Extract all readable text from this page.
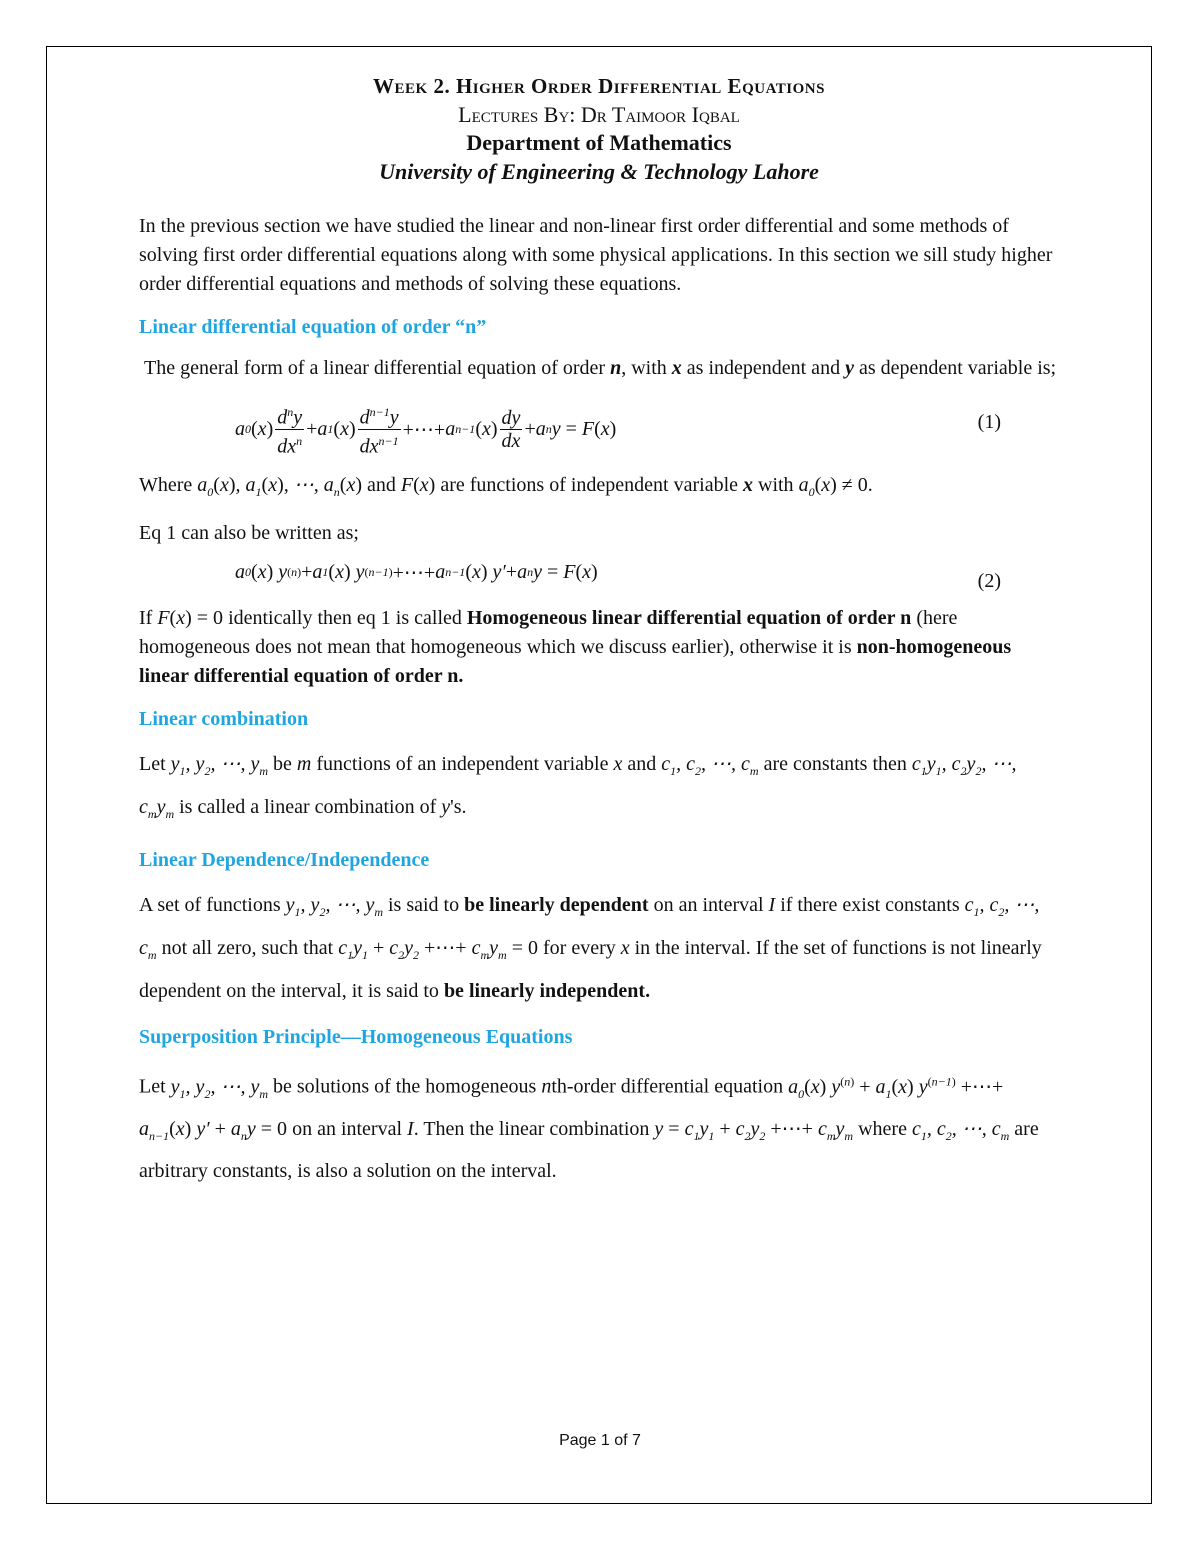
Week 2. Higher Order Differential Equations
Lectures By: Dr Taimoor Iqbal
Department of Mathematics
University of Engineering & Technology Lahore

In the previous section we have studied the linear and non-linear first order differential and some methods of solving first order differential equations along with some physical applications. In this section we sill study higher order differential equations and methods of solving these equations.

Linear differential equation of order “n”

The general form of a linear differential equation of order n, with x as independent and y as dependent variable is;

a 0 ( x ) $\frac{d^ny}{dx^n} + a$ 1 ( x ) $\frac{d^{n-1}y}{dx^{n-1}}$ +⋯+ a n−1 ( x ) $\frac{dy}{dx} + a$ n y = F ( x )	(1)

Where $a_0(x)$, $a_1(x)$, ⋯, $a_n(x)$ and F(x) are functions of independent variable x with $a_0(x) \ne 0$.

Eq 1 can also be written as;

a 0 ( x ) y (n) + a 1 ( x ) y (n−1) +⋯+ a n−1 ( x ) y′ + a n y = F ( x )	(2)

If F(x) = 0 identically then eq 1 is called Homogeneous linear differential equation of order n (here homogeneous does not mean that homogeneous which we discuss earlier), otherwise it is non-homogeneous linear differential equation of order n.

Linear combination

Let $y_1$, $y_2$, ⋯, $y_m$ be m functions of an independent variable x and $c_1$, $c_2$, ⋯, $c_m$ are constants then $c_1y_1$, $c_2y_2$, ⋯, $c_my_m$ is called a linear combination of y's.

Linear Dependence/Independence

A set of functions $y_1$, $y_2$, ⋯, $y_m$ is said to be linearly dependent on an interval I if there exist constants $c_1$, $c_2$, ⋯, $c_m$ not all zero, such that $c_1y_1 + c_2y_2$ +⋯+ $c_my_m = 0$ for every x in the interval. If the set of functions is not linearly dependent on the interval, it is said to be linearly independent.

Superposition Principle—Homogeneous Equations

Let $y_1$, $y_2$, ⋯, $y_m$ be solutions of the homogeneous nth-order differential equation $a_0(x) y^{(n)} + a_1(x)$ $y^{(n-1)}$ +⋯+ $a_{n-1}(x) y' + a_ny = 0$ on an interval I. Then the linear combination $y = c_1y_1 + c_2y_2$ +⋯+ $c_my_m$ where $c_1$, $c_2$, ⋯, $c_m$ are arbitrary constants, is also a solution on the interval.

Page 1 of 7
